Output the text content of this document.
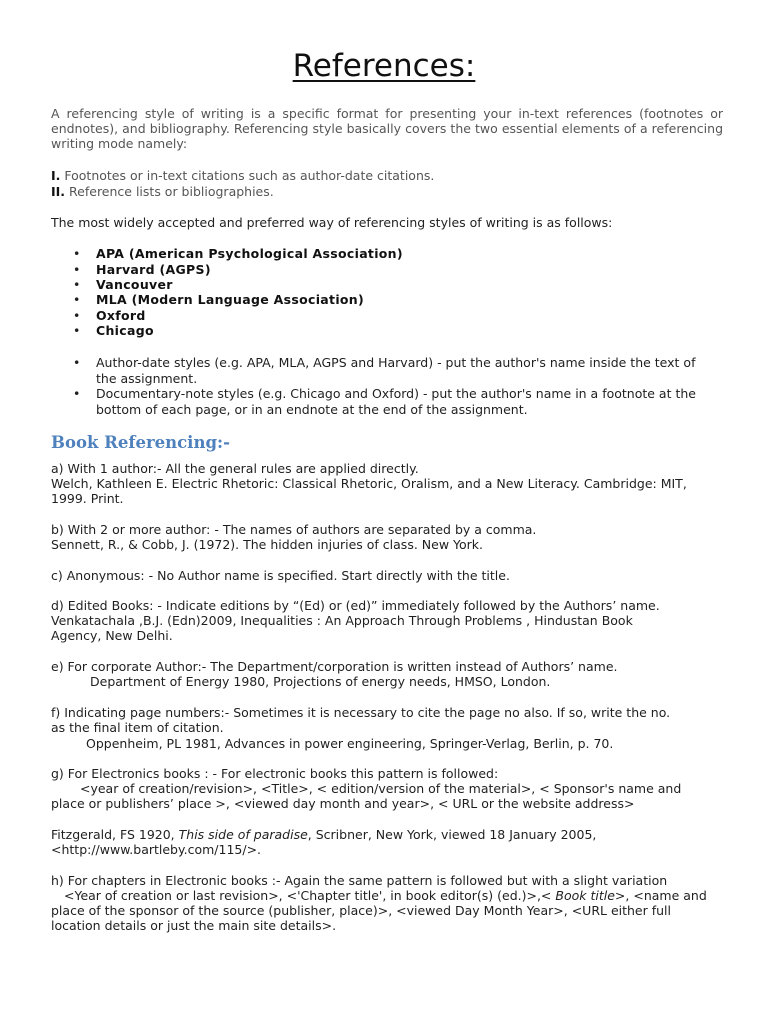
References:
A referencing style of writing is a specific format for presenting your in-text references (footnotes or endnotes), and bibliography. Referencing style basically covers the two essential elements of a referencing writing mode namely:
I. Footnotes or in-text citations such as author-date citations.
II. Reference lists or bibliographies.
The most widely accepted and preferred way of referencing styles of writing is as follows:
• APA (American Psychological Association)
• Harvard (AGPS)
• Vancouver
• MLA (Modern Language Association)
• Oxford
• Chicago
• Author-date styles (e.g. APA, MLA, AGPS and Harvard) - put the author's name inside the text of
the assignment.
• Documentary-note styles (e.g. Chicago and Oxford) - put the author's name in a footnote at the
bottom of each page, or in an endnote at the end of the assignment.
Book Referencing:-
a) With 1 author:- All the general rules are applied directly.
Welch, Kathleen E. Electric Rhetoric: Classical Rhetoric, Oralism, and a New Literacy. Cambridge: MIT,
1999. Print.
b) With 2 or more author: - The names of authors are separated by a comma.
Sennett, R., & Cobb, J. (1972). The hidden injuries of class. New York.
c) Anonymous: - No Author name is specified. Start directly with the title.
d) Edited Books: - Indicate editions by “(Ed) or (ed)” immediately followed by the Authors’ name.
Venkatachala ,B.J. (Edn)2009, Inequalities : An Approach Through Problems , Hindustan Book
Agency, New Delhi.
e) For corporate Author:- The Department/corporation is written instead of Authors’ name.
Department of Energy 1980, Projections of energy needs, HMSO, London.
f) Indicating page numbers:- Sometimes it is necessary to cite the page no also. If so, write the no.
as the final item of citation.
Oppenheim, PL 1981, Advances in power engineering, Springer-Verlag, Berlin, p. 70.
g) For Electronics books : - For electronic books this pattern is followed:
<year of creation/revision>, <Title>, < edition/version of the material>, < Sponsor's name and
place or publishers’ place >, <viewed day month and year>, < URL or the website address>
Fitzgerald, FS 1920, This side of paradise, Scribner, New York, viewed 18 January 2005,
<http://www.bartleby.com/115/>.
h) For chapters in Electronic books :- Again the same pattern is followed but with a slight variation
<Year of creation or last revision>, <'Chapter title', in book editor(s) (ed.)>,< Book title>, <name and
place of the sponsor of the source (publisher, place)>, <viewed Day Month Year>, <URL either full
location details or just the main site details>.
